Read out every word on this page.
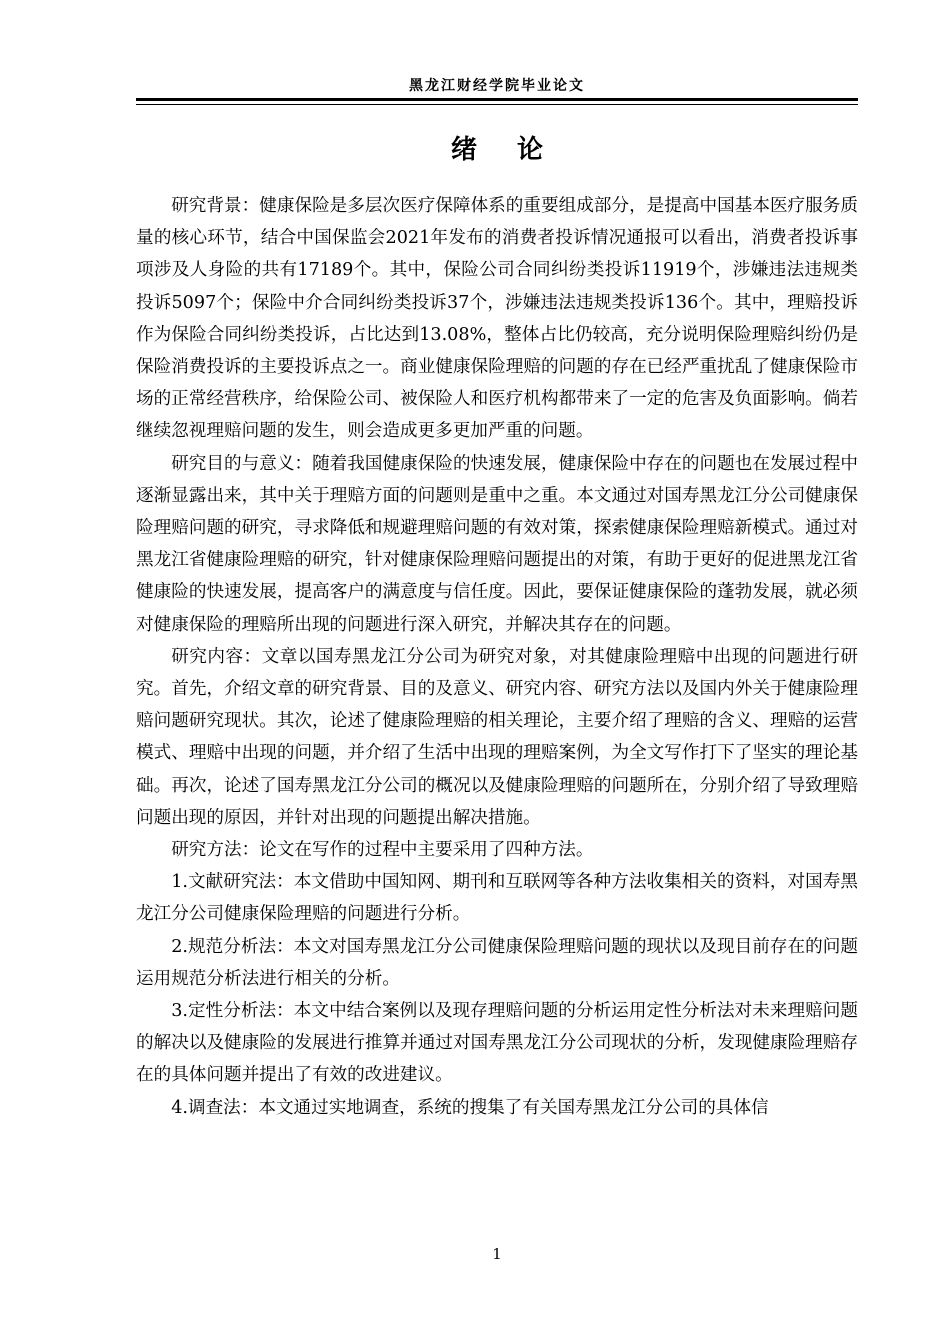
黑龙江财经学院毕业论文
绪论

研究背景：健康保险是多层次医疗保障体系的重要组成部分，是提高中国基本医疗服务质量的核心环节，结合中国保监会2021年发布的消费者投诉情况通报可以看出，消费者投诉事项涉及人身险的共有17189个。其中，保险公司合同纠纷类投诉11919个，涉嫌违法违规类投诉5097个；保险中介合同纠纷类投诉37个，涉嫌违法违规类投诉136个。其中，理赔投诉作为保险合同纠纷类投诉，占比达到13.08%，整体占比仍较高，充分说明保险理赔纠纷仍是保险消费投诉的主要投诉点之一。商业健康保险理赔的问题的存在已经严重扰乱了健康保险市场的正常经营秩序，给保险公司、被保险人和医疗机构都带来了一定的危害及负面影响。倘若继续忽视理赔问题的发生，则会造成更多更加严重的问题。

研究目的与意义：随着我国健康保险的快速发展，健康保险中存在的问题也在发展过程中逐渐显露出来，其中关于理赔方面的问题则是重中之重。本文通过对国寿黑龙江分公司健康保险理赔问题的研究，寻求降低和规避理赔问题的有效对策，探索健康保险理赔新模式。通过对黑龙江省健康险理赔的研究，针对健康保险理赔问题提出的对策，有助于更好的促进黑龙江省健康险的快速发展，提高客户的满意度与信任度。因此，要保证健康保险的蓬勃发展，就必须对健康保险的理赔所出现的问题进行深入研究，并解决其存在的问题。

研究内容：文章以国寿黑龙江分公司为研究对象，对其健康险理赔中出现的问题进行研究。首先，介绍文章的研究背景、目的及意义、研究内容、研究方法以及国内外关于健康险理赔问题研究现状。其次，论述了健康险理赔的相关理论，主要介绍了理赔的含义、理赔的运营模式、理赔中出现的问题，并介绍了生活中出现的理赔案例，为全文写作打下了坚实的理论基础。再次，论述了国寿黑龙江分公司的概况以及健康险理赔的问题所在，分别介绍了导致理赔问题出现的原因，并针对出现的问题提出解决措施。

研究方法：论文在写作的过程中主要采用了四种方法。

1.文献研究法：本文借助中国知网、期刊和互联网等各种方法收集相关的资料，对国寿黑龙江分公司健康保险理赔的问题进行分析。

2.规范分析法：本文对国寿黑龙江分公司健康保险理赔问题的现状以及现目前存在的问题运用规范分析法进行相关的分析。

3.定性分析法：本文中结合案例以及现存理赔问题的分析运用定性分析法对未来理赔问题的解决以及健康险的发展进行推算并通过对国寿黑龙江分公司现状的分析，发现健康险理赔存在的具体问题并提出了有效的改进建议。

4.调查法：本文通过实地调查，系统的搜集了有关国寿黑龙江分公司的具体信

1
